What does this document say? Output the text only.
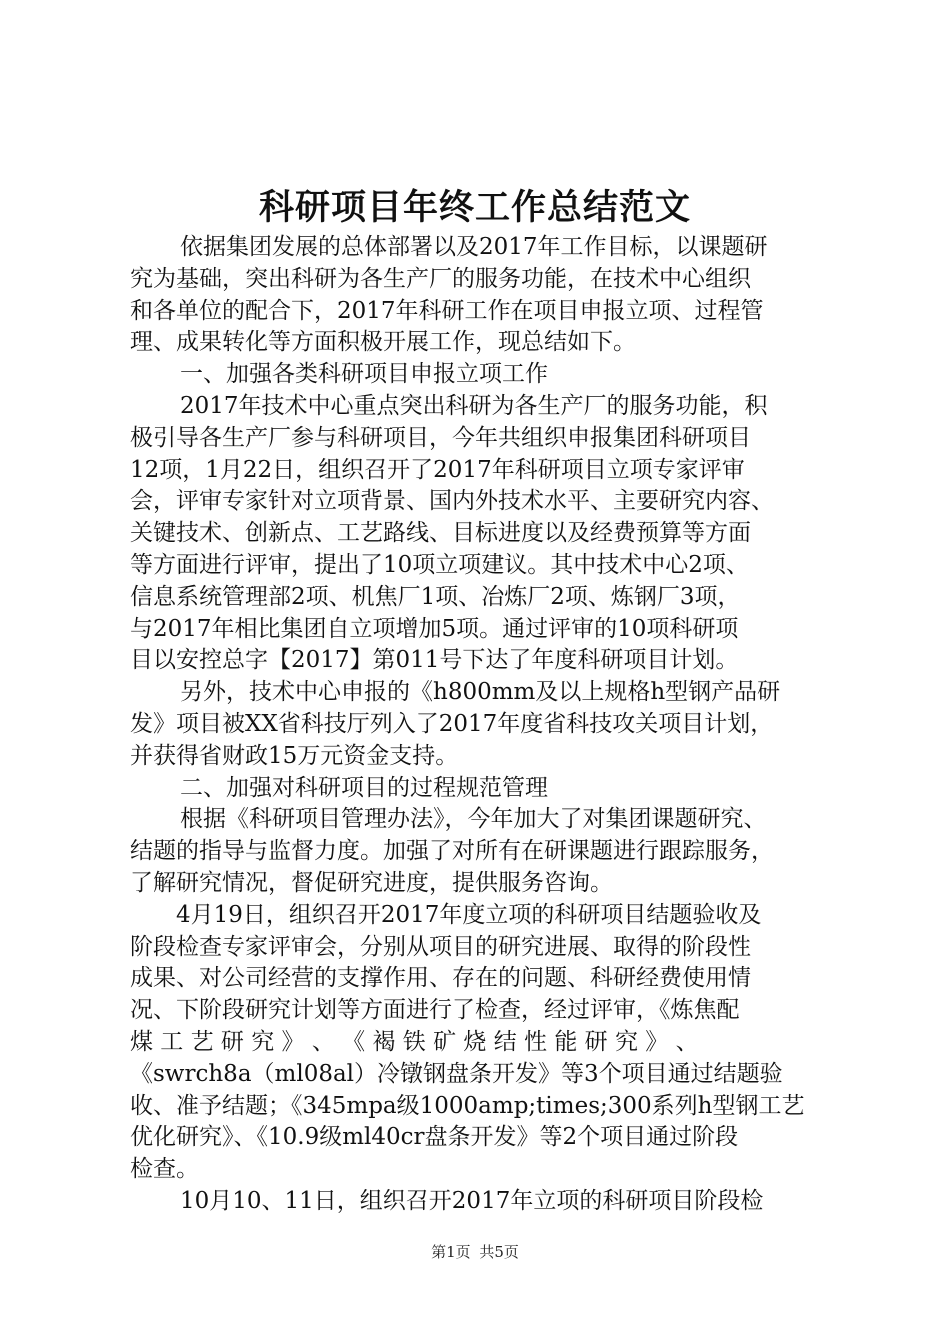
科研项目年终工作总结范文
依据集团发展的总体部署以及2017年工作目标，以课题研
究为基础，突出科研为各生产厂的服务功能，在技术中心组织
和各单位的配合下，2017年科研工作在项目申报立项、过程管
理、成果转化等方面积极开展工作，现总结如下。
一、加强各类科研项目申报立项工作
2017年技术中心重点突出科研为各生产厂的服务功能，积
极引导各生产厂参与科研项目，今年共组织申报集团科研项目
12项，1月22日，组织召开了2017年科研项目立项专家评审
会，评审专家针对立项背景、国内外技术水平、主要研究内容、
关键技术、创新点、工艺路线、目标进度以及经费预算等方面
等方面进行评审，提出了10项立项建议。其中技术中心2项、
信息系统管理部2项、机焦厂1项、冶炼厂2项、炼钢厂3项，
与2017年相比集团自立项增加5项。通过评审的10项科研项
目以安控总字【2017】第011号下达了年度科研项目计划。
另外，技术中心申报的《h800mm及以上规格h型钢产品研
发》项目被XX省科技厅列入了2017年度省科技攻关项目计划，
并获得省财政15万元资金支持。
二、加强对科研项目的过程规范管理
根据《科研项目管理办法》，今年加大了对集团课题研究、
结题的指导与监督力度。加强了对所有在研课题进行跟踪服务，
了解研究情况，督促研究进度，提供服务咨询。
4月19日，组织召开2017年度立项的科研项目结题验收及
阶段检查专家评审会，分别从项目的研究进展、取得的阶段性
成果、对公司经营的支撑作用、存在的问题、科研经费使用情
况、下阶段研究计划等方面进行了检查，经过评审，《炼焦配
煤 工 艺 研 究 》 、 《 褐 铁 矿 烧 结 性 能 研 究 》 、
《swrch8a（ml08al）冷镦钢盘条开发》等3个项目通过结题验
收、准予结题；《345mpa级1000amp;times;300系列h型钢工艺
优化研究》、《10.9级ml40cr盘条开发》等2个项目通过阶段
检查。
10月10、11日，组织召开2017年立项的科研项目阶段检
第1页 共5页
